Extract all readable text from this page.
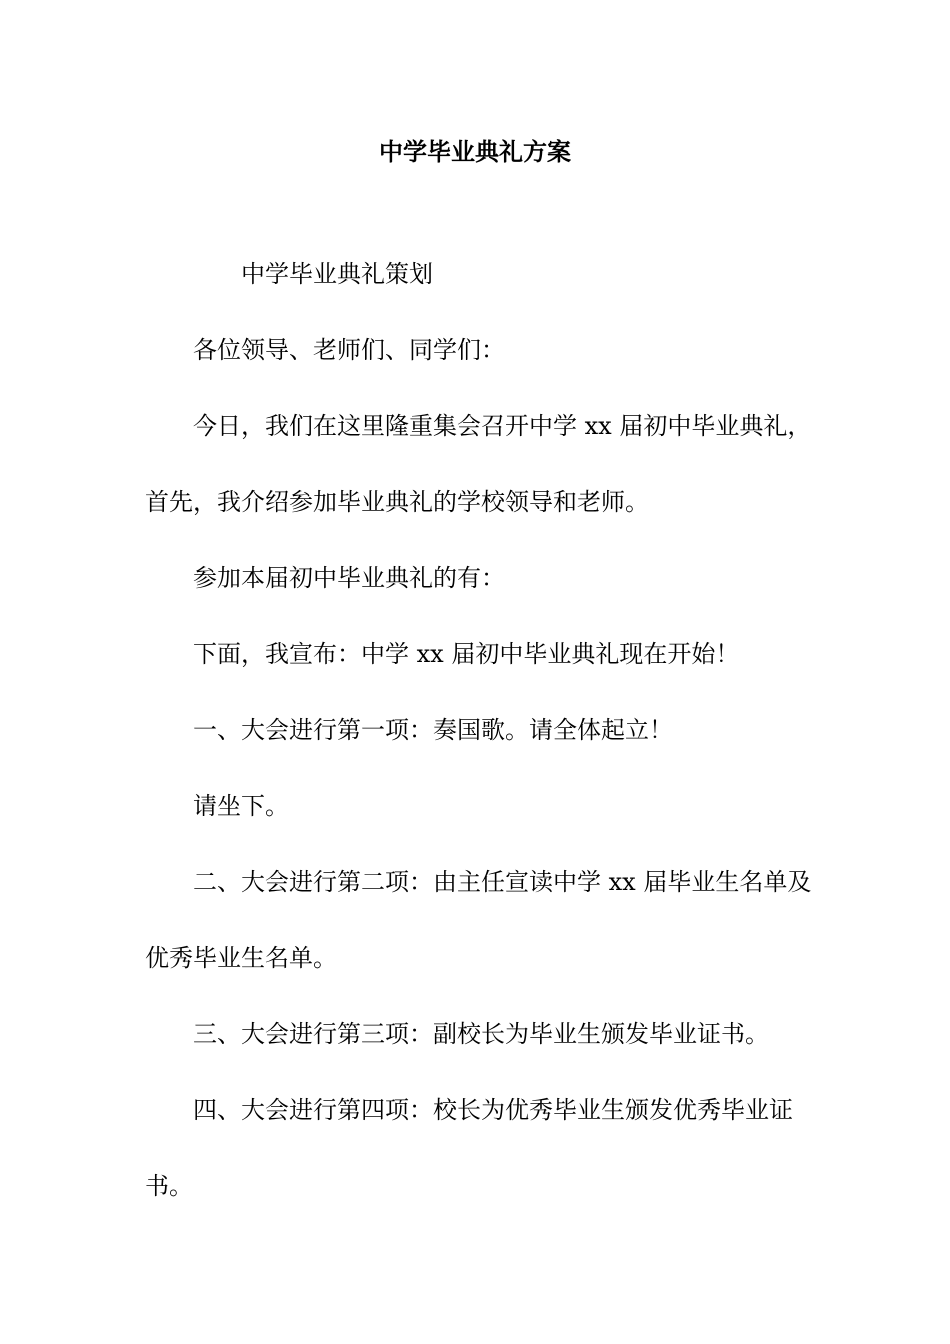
中学毕业典礼方案

中学毕业典礼策划

各位领导、老师们、同学们：

今日，我们在这里隆重集会召开中学 xx 届初中毕业典礼，
首先，我介绍参加毕业典礼的学校领导和老师。

参加本届初中毕业典礼的有：

下面，我宣布：中学 xx 届初中毕业典礼现在开始！

一、大会进行第一项：奏国歌。请全体起立！

请坐下。

二、大会进行第二项：由主任宣读中学 xx 届毕业生名单及
优秀毕业生名单。

三、大会进行第三项：副校长为毕业生颁发毕业证书。

四、大会进行第四项：校长为优秀毕业生颁发优秀毕业证
书。
